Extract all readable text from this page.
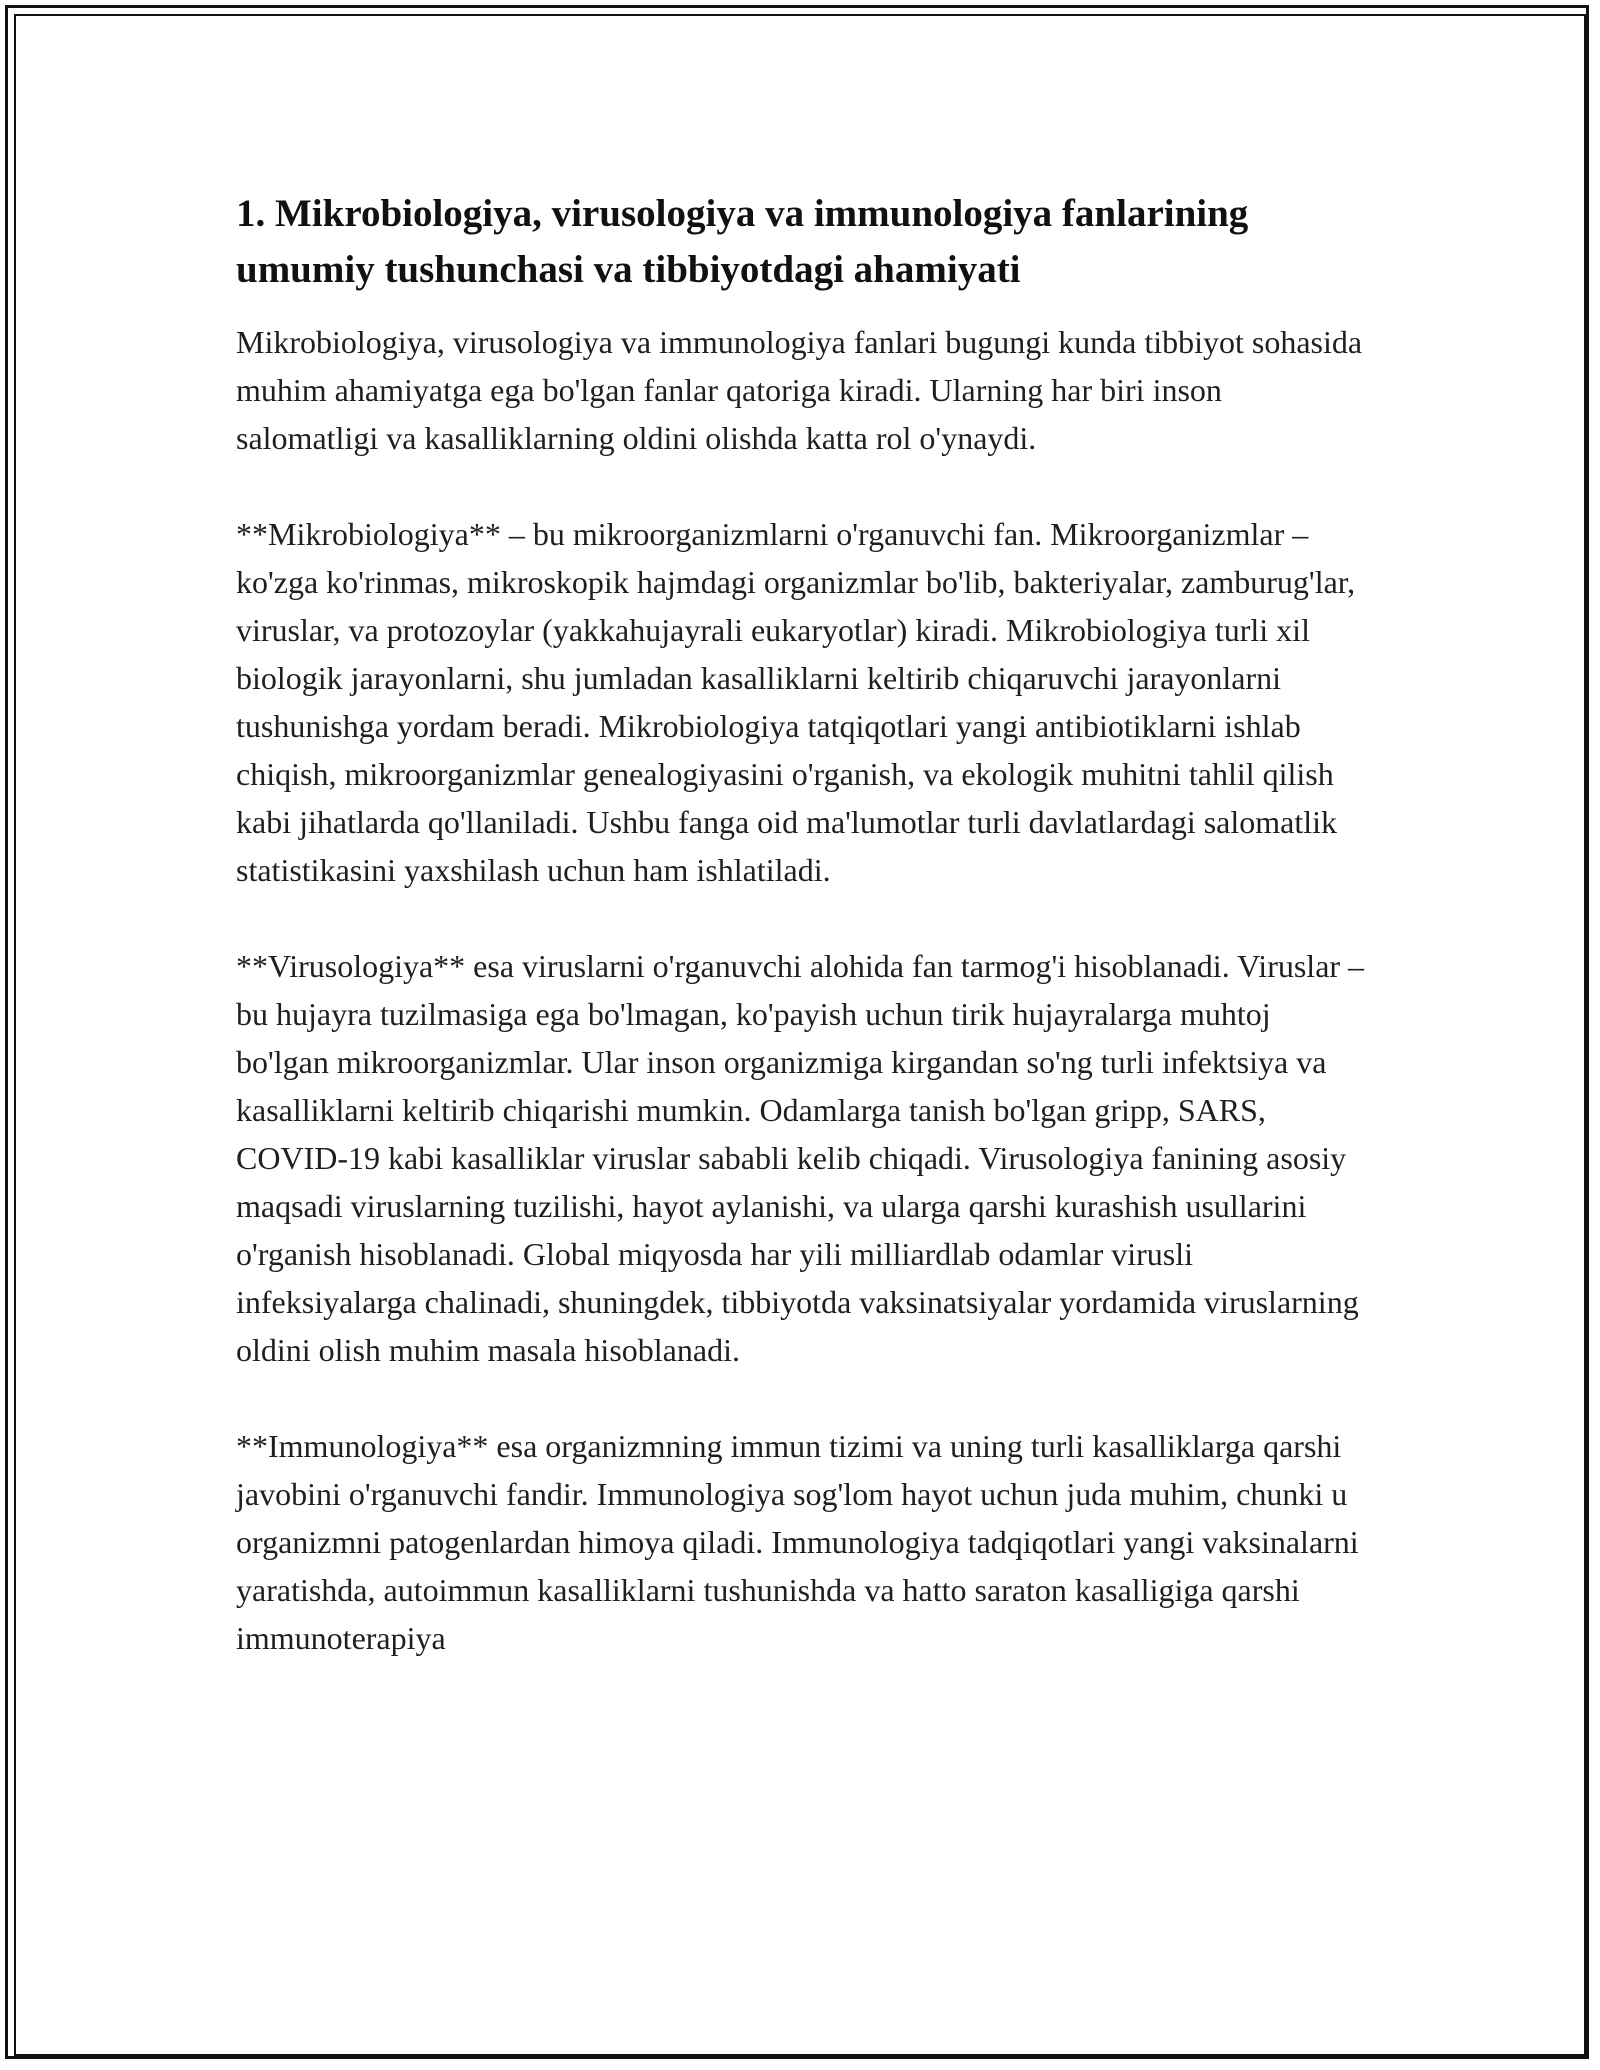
1. Mikrobiologiya, virusologiya va immunologiya fanlarining umumiy tushunchasi va tibbiyotdagi ahamiyati

Mikrobiologiya, virusologiya va immunologiya fanlari bugungi kunda tibbiyot sohasida muhim ahamiyatga ega bo'lgan fanlar qatoriga kiradi. Ularning har biri inson salomatligi va kasalliklarning oldini olishda katta rol o'ynaydi.

**Mikrobiologiya** – bu mikroorganizmlarni o'rganuvchi fan. Mikroorganizmlar – ko'zga ko'rinmas, mikroskopik hajmdagi organizmlar bo'lib, bakteriyalar, zamburug'lar, viruslar, va protozoylar (yakkahujayrali eukaryotlar) kiradi. Mikrobiologiya turli xil biologik jarayonlarni, shu jumladan kasalliklarni keltirib chiqaruvchi jarayonlarni tushunishga yordam beradi. Mikrobiologiya tatqiqotlari yangi antibiotiklarni ishlab chiqish, mikroorganizmlar genealogiyasini o'rganish, va ekologik muhitni tahlil qilish kabi jihatlarda qo'llaniladi. Ushbu fanga oid ma'lumotlar turli davlatlardagi salomatlik statistikasini yaxshilash uchun ham ishlatiladi.

**Virusologiya** esa viruslarni o'rganuvchi alohida fan tarmog'i hisoblanadi. Viruslar – bu hujayra tuzilmasiga ega bo'lmagan, ko'payish uchun tirik hujayralarga muhtoj bo'lgan mikroorganizmlar. Ular inson organizmiga kirgandan so'ng turli infektsiya va kasalliklarni keltirib chiqarishi mumkin. Odamlarga tanish bo'lgan gripp, SARS, COVID-19 kabi kasalliklar viruslar sababli kelib chiqadi. Virusologiya fanining asosiy maqsadi viruslarning tuzilishi, hayot aylanishi, va ularga qarshi kurashish usullarini o'rganish hisoblanadi. Global miqyosda har yili milliardlab odamlar virusli infeksiyalarga chalinadi, shuningdek, tibbiyotda vaksinatsiyalar yordamida viruslarning oldini olish muhim masala hisoblanadi.

**Immunologiya** esa organizmning immun tizimi va uning turli kasalliklarga qarshi javobini o'rganuvchi fandir. Immunologiya sog'lom hayot uchun juda muhim, chunki u organizmni patogenlardan himoya qiladi. Immunologiya tadqiqotlari yangi vaksinalarni yaratishda, autoimmun kasalliklarni tushunishda va hatto saraton kasalligiga qarshi immunoterapiya
